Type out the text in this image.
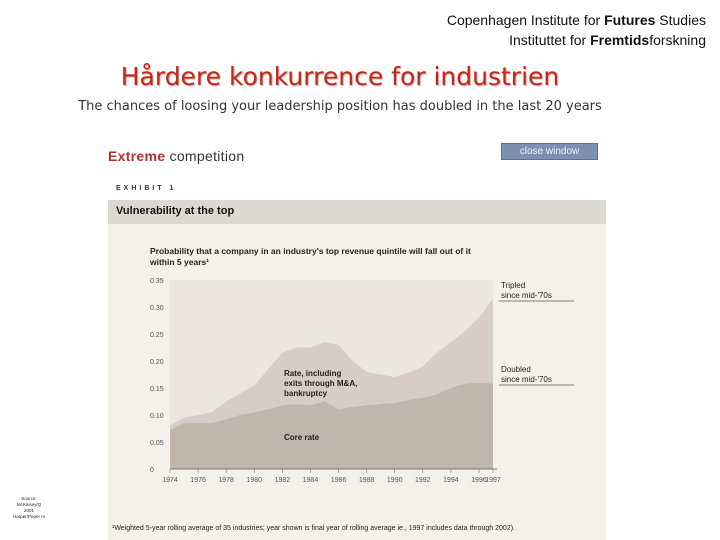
Copenhagen Institute for Futures Studies
Instituttet for Fremtidsforskning
Hårdere konkurrence for industrien
The chances of loosing your leadership position has doubled in the last 20 years
Extreme competition	close window
EXHIBIT 1
Vulnerability at the top
Probability that a company in an industry's top revenue quintile will fall out of it within 5 years¹
0
0.05
0.10
0.15
0.20
0.25
0.30
0.35
1974 1976 1978 1980 1982 1984 1986 1988 1990 1992 1994 1996
1997
Rate, including exits through M&A, bankruptcy
Core rate
Tripled since mid-'70s
Doubled since mid-'70s
¹Weighted 5-year rolling average of 35 industries; year shown is final year of rolling average ie., 1997 includes data through 2002).
Source:
McKinsey/Q
2001
Harper/Peper m
